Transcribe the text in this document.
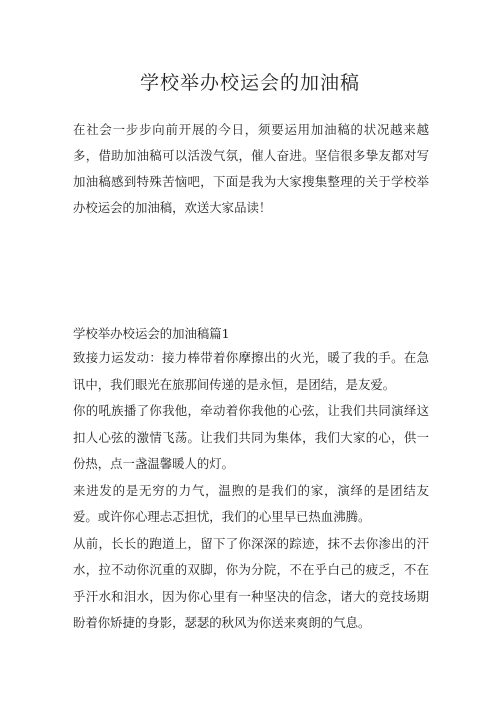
学校举办校运会的加油稿

在社会一步步向前开展的今日，须要运用加油稿的状况越来越多，借助加油稿可以活泼气氛，催人奋进。坚信很多挚友都对写加油稿感到特殊苦恼吧，下面是我为大家搜集整理的关于学校举办校运会的加油稿，欢送大家品读！

学校举办校运会的加油稿篇1

致接力运发动：接力棒带着你摩擦出的火光，暖了我的手。在急讯中，我们眼光在旅那间传递的是永恒，是团结，是友爱。

你的吼族播了你我他，牵动着你我他的心弦，让我们共同演绎这扣人心弦的激情飞荡。让我们共同为集体，我们大家的心，供一份热，点一盏温馨暖人的灯。

来进发的是无穷的力气，温煦的是我们的家，演绎的是团结友爱。或许你心理忐忑担忧，我们的心里早已热血沸腾。

从前，长长的跑道上，留下了你深深的踪迹，抹不去你渗出的汗水，拉不动你沉重的双脚，你为分院，不在乎白己的疲乏，不在乎汗水和泪水，因为你心里有一种坚决的信念，诸大的竞技场期盼着你矫捷的身影，瑟瑟的秋风为你送来爽朗的气息。
